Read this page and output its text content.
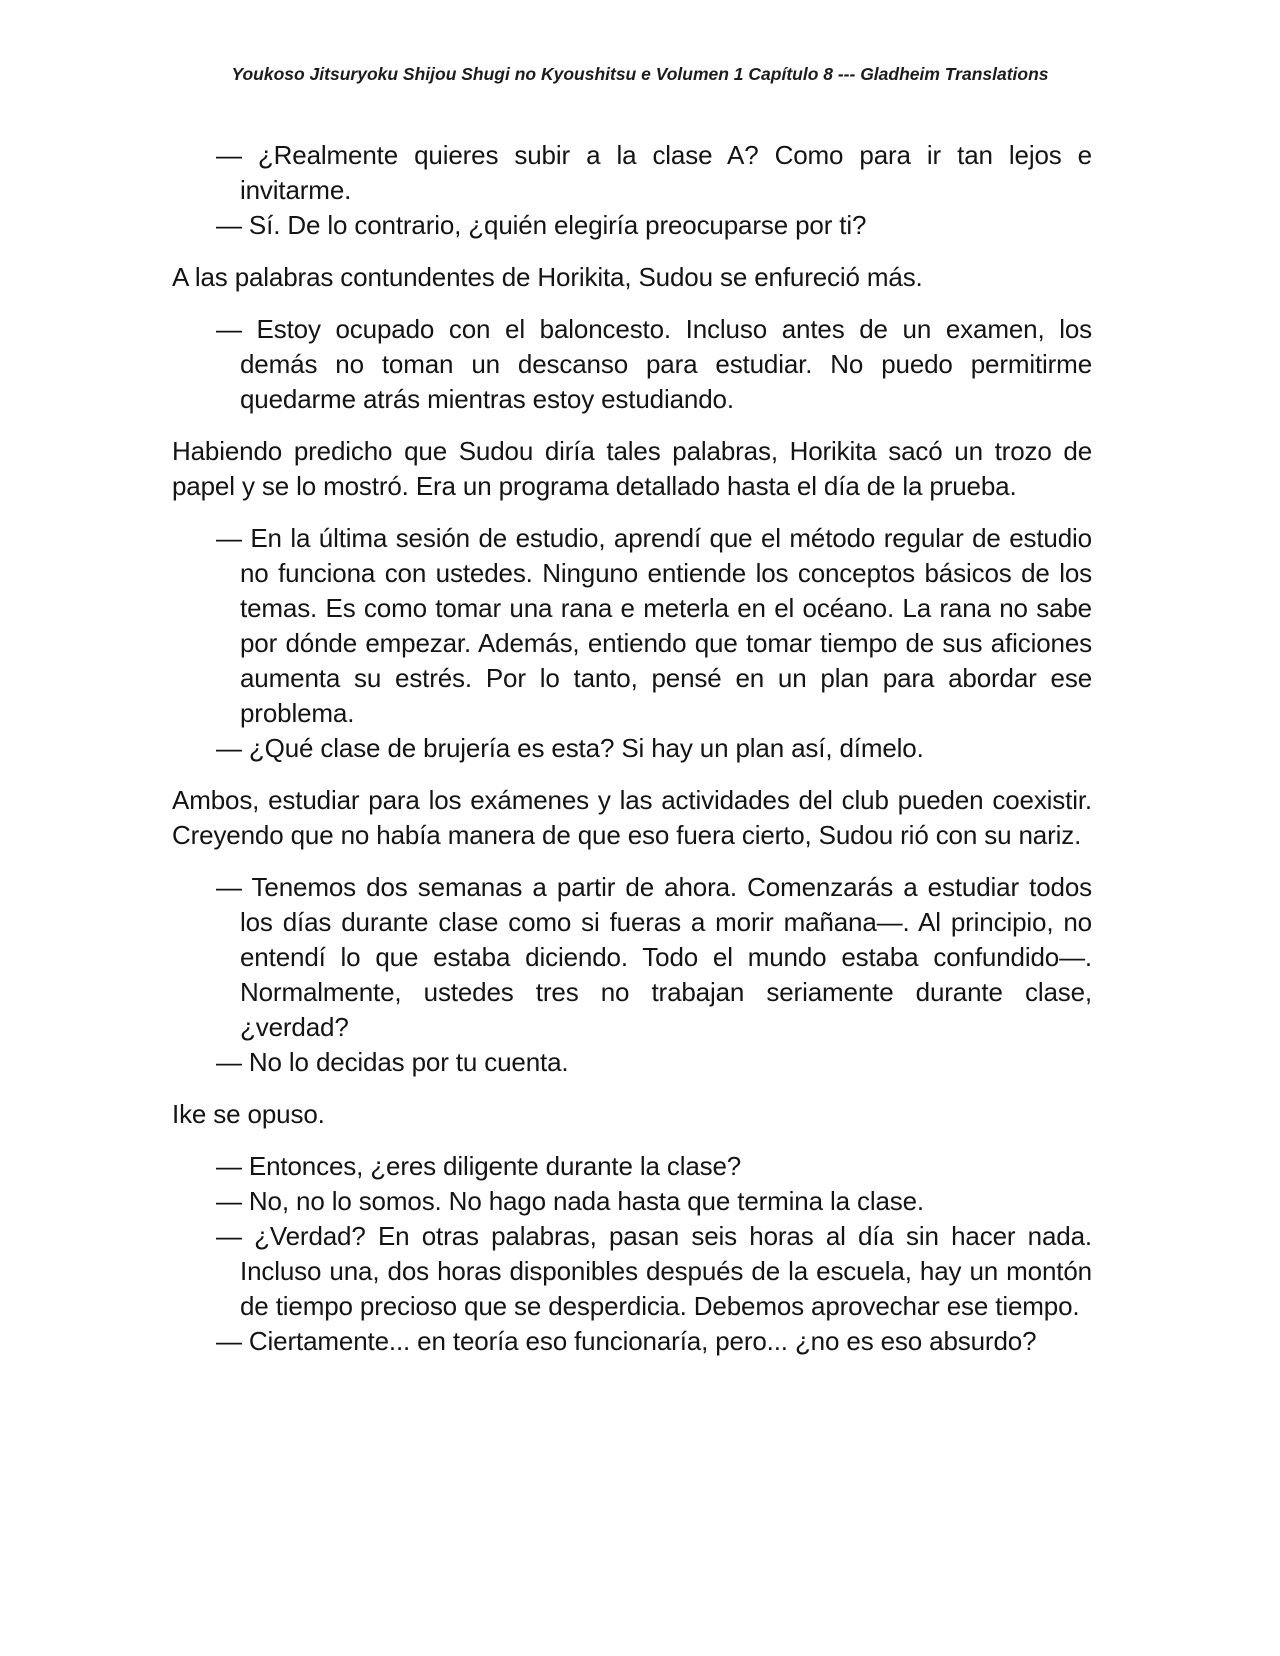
Youkoso Jitsuryoku Shijou Shugi no Kyoushitsu e Volumen 1 Capítulo 8 --- Gladheim Translations

— ¿Realmente quieres subir a la clase A? Como para ir tan lejos e invitarme.

— Sí. De lo contrario, ¿quién elegiría preocuparse por ti?

A las palabras contundentes de Horikita, Sudou se enfureció más.

— Estoy ocupado con el baloncesto. Incluso antes de un examen, los demás no toman un descanso para estudiar. No puedo permitirme quedarme atrás mientras estoy estudiando.

Habiendo predicho que Sudou diría tales palabras, Horikita sacó un trozo de papel y se lo mostró. Era un programa detallado hasta el día de la prueba.

— En la última sesión de estudio, aprendí que el método regular de estudio no funciona con ustedes. Ninguno entiende los conceptos básicos de los temas. Es como tomar una rana e meterla en el océano. La rana no sabe por dónde empezar. Además, entiendo que tomar tiempo de sus aficiones aumenta su estrés. Por lo tanto, pensé en un plan para abordar ese problema.

— ¿Qué clase de brujería es esta? Si hay un plan así, dímelo.

Ambos, estudiar para los exámenes y las actividades del club pueden coexistir. Creyendo que no había manera de que eso fuera cierto, Sudou rió con su nariz.

— Tenemos dos semanas a partir de ahora. Comenzarás a estudiar todos los días durante clase como si fueras a morir mañana—. Al principio, no entendí lo que estaba diciendo. Todo el mundo estaba confundido—. Normalmente, ustedes tres no trabajan seriamente durante clase, ¿verdad?

— No lo decidas por tu cuenta.

Ike se opuso.

— Entonces, ¿eres diligente durante la clase?

— No, no lo somos. No hago nada hasta que termina la clase.

— ¿Verdad? En otras palabras, pasan seis horas al día sin hacer nada. Incluso una, dos horas disponibles después de la escuela, hay un montón de tiempo precioso que se desperdicia. Debemos aprovechar ese tiempo.

— Ciertamente... en teoría eso funcionaría, pero... ¿no es eso absurdo?
